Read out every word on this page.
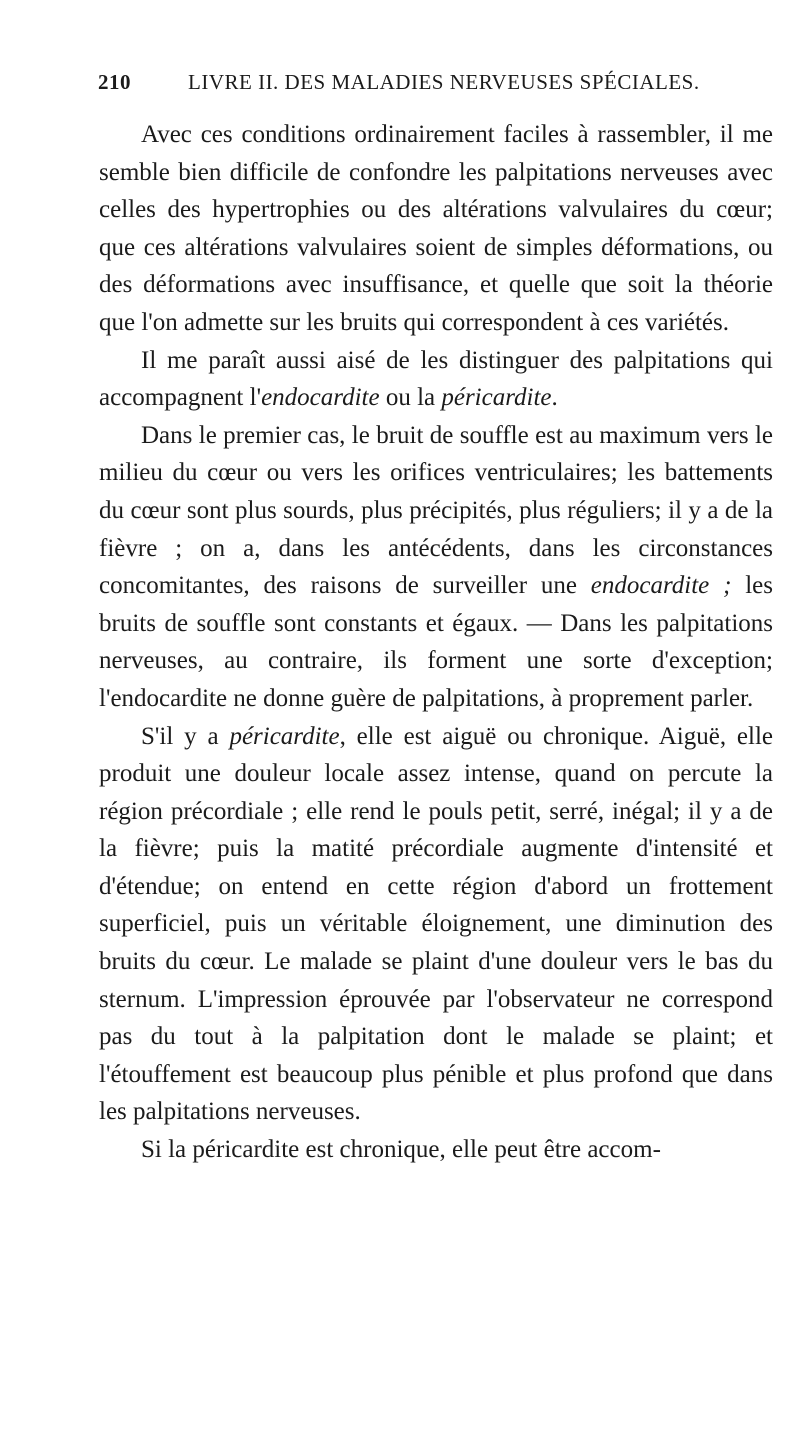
210	LIVRE II. DES MALADIES NERVEUSES SPÉCIALES.

Avec ces conditions ordinairement faciles à rassembler, il me semble bien difficile de confondre les palpitations nerveuses avec celles des hypertrophies ou des altérations valvulaires du cœur; que ces altérations valvulaires soient de simples déformations, ou des déformations avec insuffisance, et quelle que soit la théorie que l'on admette sur les bruits qui correspondent à ces variétés.

Il me paraît aussi aisé de les distinguer des palpitations qui accompagnent l'endocardite ou la péricardite.

Dans le premier cas, le bruit de souffle est au maximum vers le milieu du cœur ou vers les orifices ventriculaires; les battements du cœur sont plus sourds, plus précipités, plus réguliers; il y a de la fièvre ; on a, dans les antécédents, dans les circonstances concomitantes, des raisons de surveiller une endocardite ; les bruits de souffle sont constants et égaux. — Dans les palpitations nerveuses, au contraire, ils forment une sorte d'exception; l'endocardite ne donne guère de palpitations, à proprement parler.

S'il y a péricardite, elle est aiguë ou chronique. Aiguë, elle produit une douleur locale assez intense, quand on percute la région précordiale ; elle rend le pouls petit, serré, inégal; il y a de la fièvre; puis la matité précordiale augmente d'intensité et d'étendue; on entend en cette région d'abord un frottement superficiel, puis un véritable éloignement, une diminution des bruits du cœur. Le malade se plaint d'une douleur vers le bas du sternum. L'impression éprouvée par l'observateur ne correspond pas du tout à la palpitation dont le malade se plaint; et l'étouffement est beaucoup plus pénible et plus profond que dans les palpitations nerveuses.

Si la péricardite est chronique, elle peut être accom-
